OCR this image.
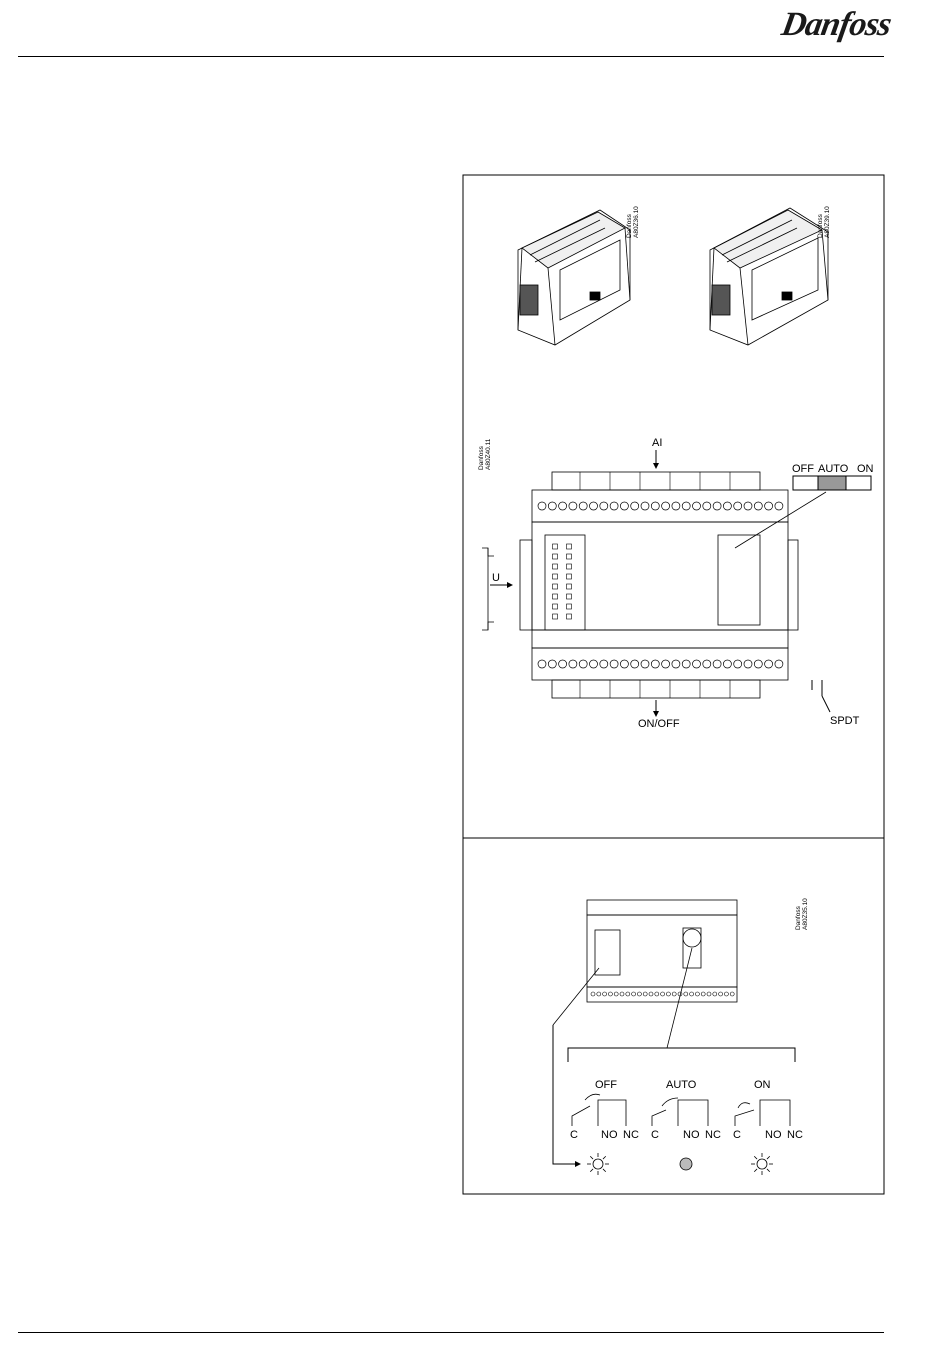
Danfoss
DanfossA80Z36.10	DanfossA80Z39.10
DanfossA80Z40.11	AI
U
ON/OFF
OFF AUTO ON
SPDT
DanfossA80Z35.10
OFF	AUTO	ON
C NO NC C NO NC C NO NC
